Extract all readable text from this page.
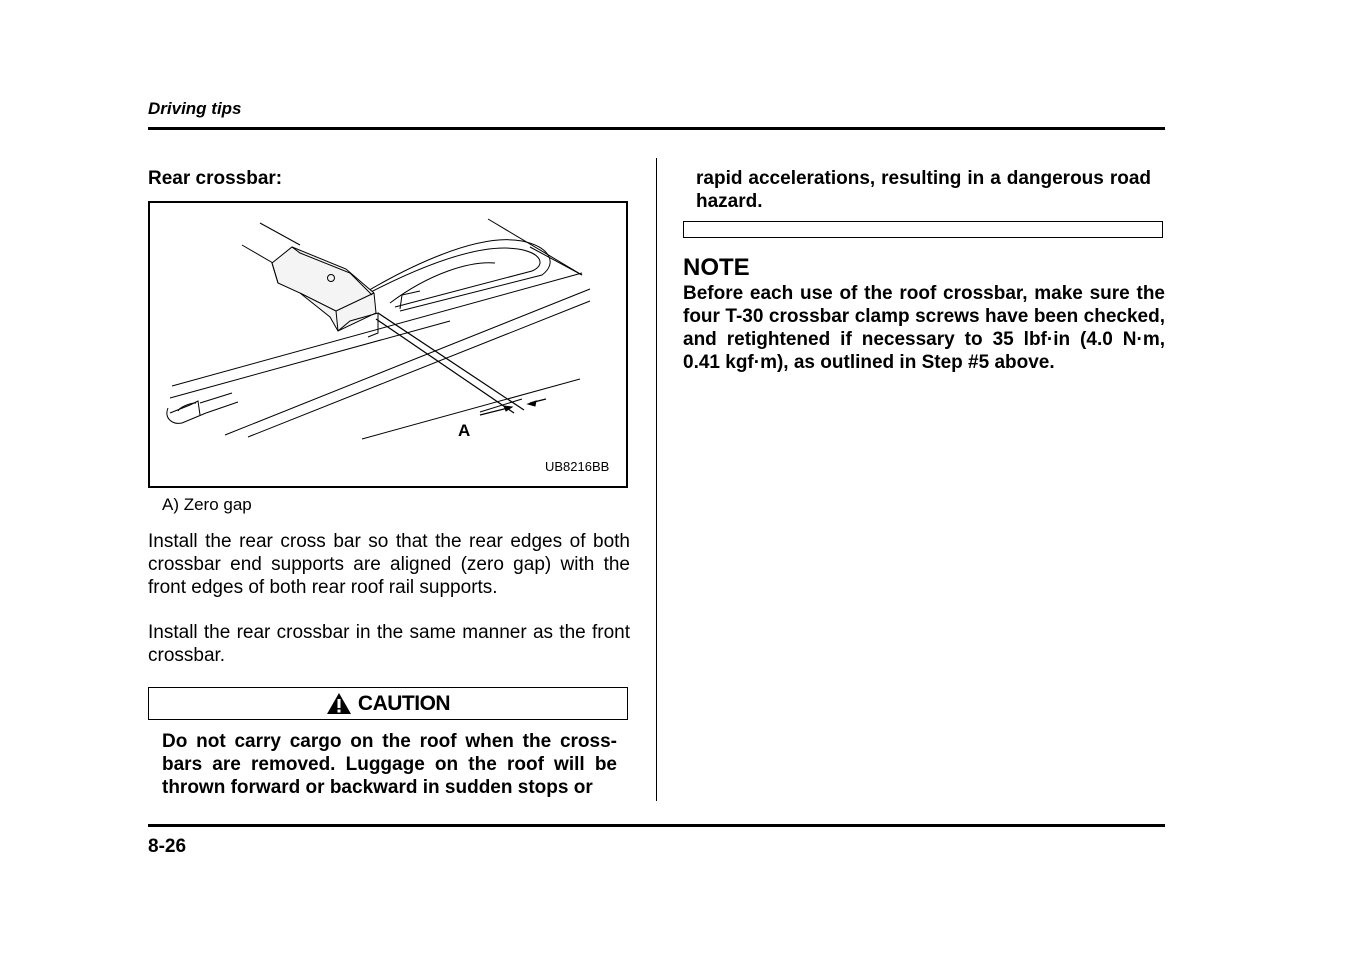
Driving tips
Rear crossbar:
A
UB8216BB
A) Zero gap
Install the rear cross bar so that the rear edges of both crossbar end supports are aligned (zero gap) with the front edges of both rear roof rail supports.
Install the rear crossbar in the same manner as the front crossbar.
CAUTION
Do not carry cargo on the roof when the cross-bars are removed. Luggage on the roof will be thrown forward or backward in sudden stops or
rapid accelerations, resulting in a dangerous road hazard.
NOTE
Before each use of the roof crossbar, make sure the four T-30 crossbar clamp screws have been checked, and retightened if necessary to 35 lbf·in (4.0 N·m, 0.41 kgf·m), as outlined in Step #5 above.
8-26
